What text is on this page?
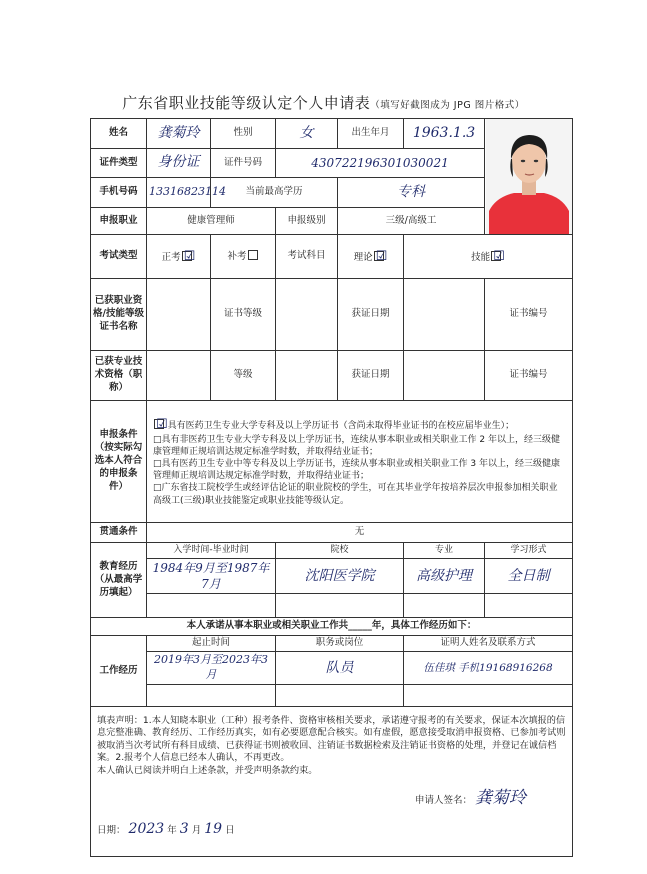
广东省职业技能等级认定个人申请表（填写好截图成为 JPG 图片格式）
姓名	龚菊玲	性别	女	出生年月	1963.1.3	

证件类型	身份证	证件号码	430722196301030021			
手机号码	13316823114	当前最高学历		专科		
申报职业	健康管理师		申报级别	三级/高级工		
考试类型	正考 ☑	补考	考试科目	理论 ☑	技能 ☑	
已获职业资格/技能等级证书名称		证书等级		获证日期		证书编号
已获专业技术资格（职称）		等级		获证日期		证书编号
申报条件（按实际勾选本人符合的申报条件）	☑具有医药卫生专业大学专科及以上学历证书（含尚未取得毕业证书的在校应届毕业生）；

□具有非医药卫生专业大学专科及以上学历证书，连续从事本职业或相关职业工作 2 年以上，经三级健康管理师正规培训达规定标准学时数，并取得结业证书；

□具有医药卫生专业中等专科及以上学历证书，连续从事本职业或相关职业工作 3 年以上，经三级健康管理师正规培训达规定标准学时数，并取得结业证书；

□广东省技工院校学生或经评估论证的职业院校的学生，可在其毕业学年按培养层次申报参加相关职业高级工(三级)职业技能鉴定或职业技能等级认定。					

贯通条件	无					
教育经历（从最高学历填起）	入学时间-毕业时间		院校		专业	学习形式
	1984年9月至1987年7月		沈阳医学院		高级护理	全日制

本人承诺从事本职业或相关职业工作共_____年，具体工作经历如下：						
工作经历	起止时间		职务或岗位		证明人姓名及联系方式	
	2019年3月至2023年3月		队员		伍佳琪 手机19168916268	

填表声明：1.本人知晓本职业（工种）报考条件、资格审核相关要求，承诺遵守报考的有关要求，保证本次填报的信息完整准确、教育经历、工作经历真实，如有必要愿意配合核实。如有虚假，愿意接受取消申报资格、已参加考试则被取消当次考试所有科目成绩、已获得证书则被收回、注销证书数据检索及注销证书资格的处理，并登记在诚信档案。2.报考个人信息已经本人确认，不再更改。

本人确认已阅读并明白上述条款，并受声明条款约束。

申请人签名： 龚菊玲
日期： 2023 年 3 月 19 日						
